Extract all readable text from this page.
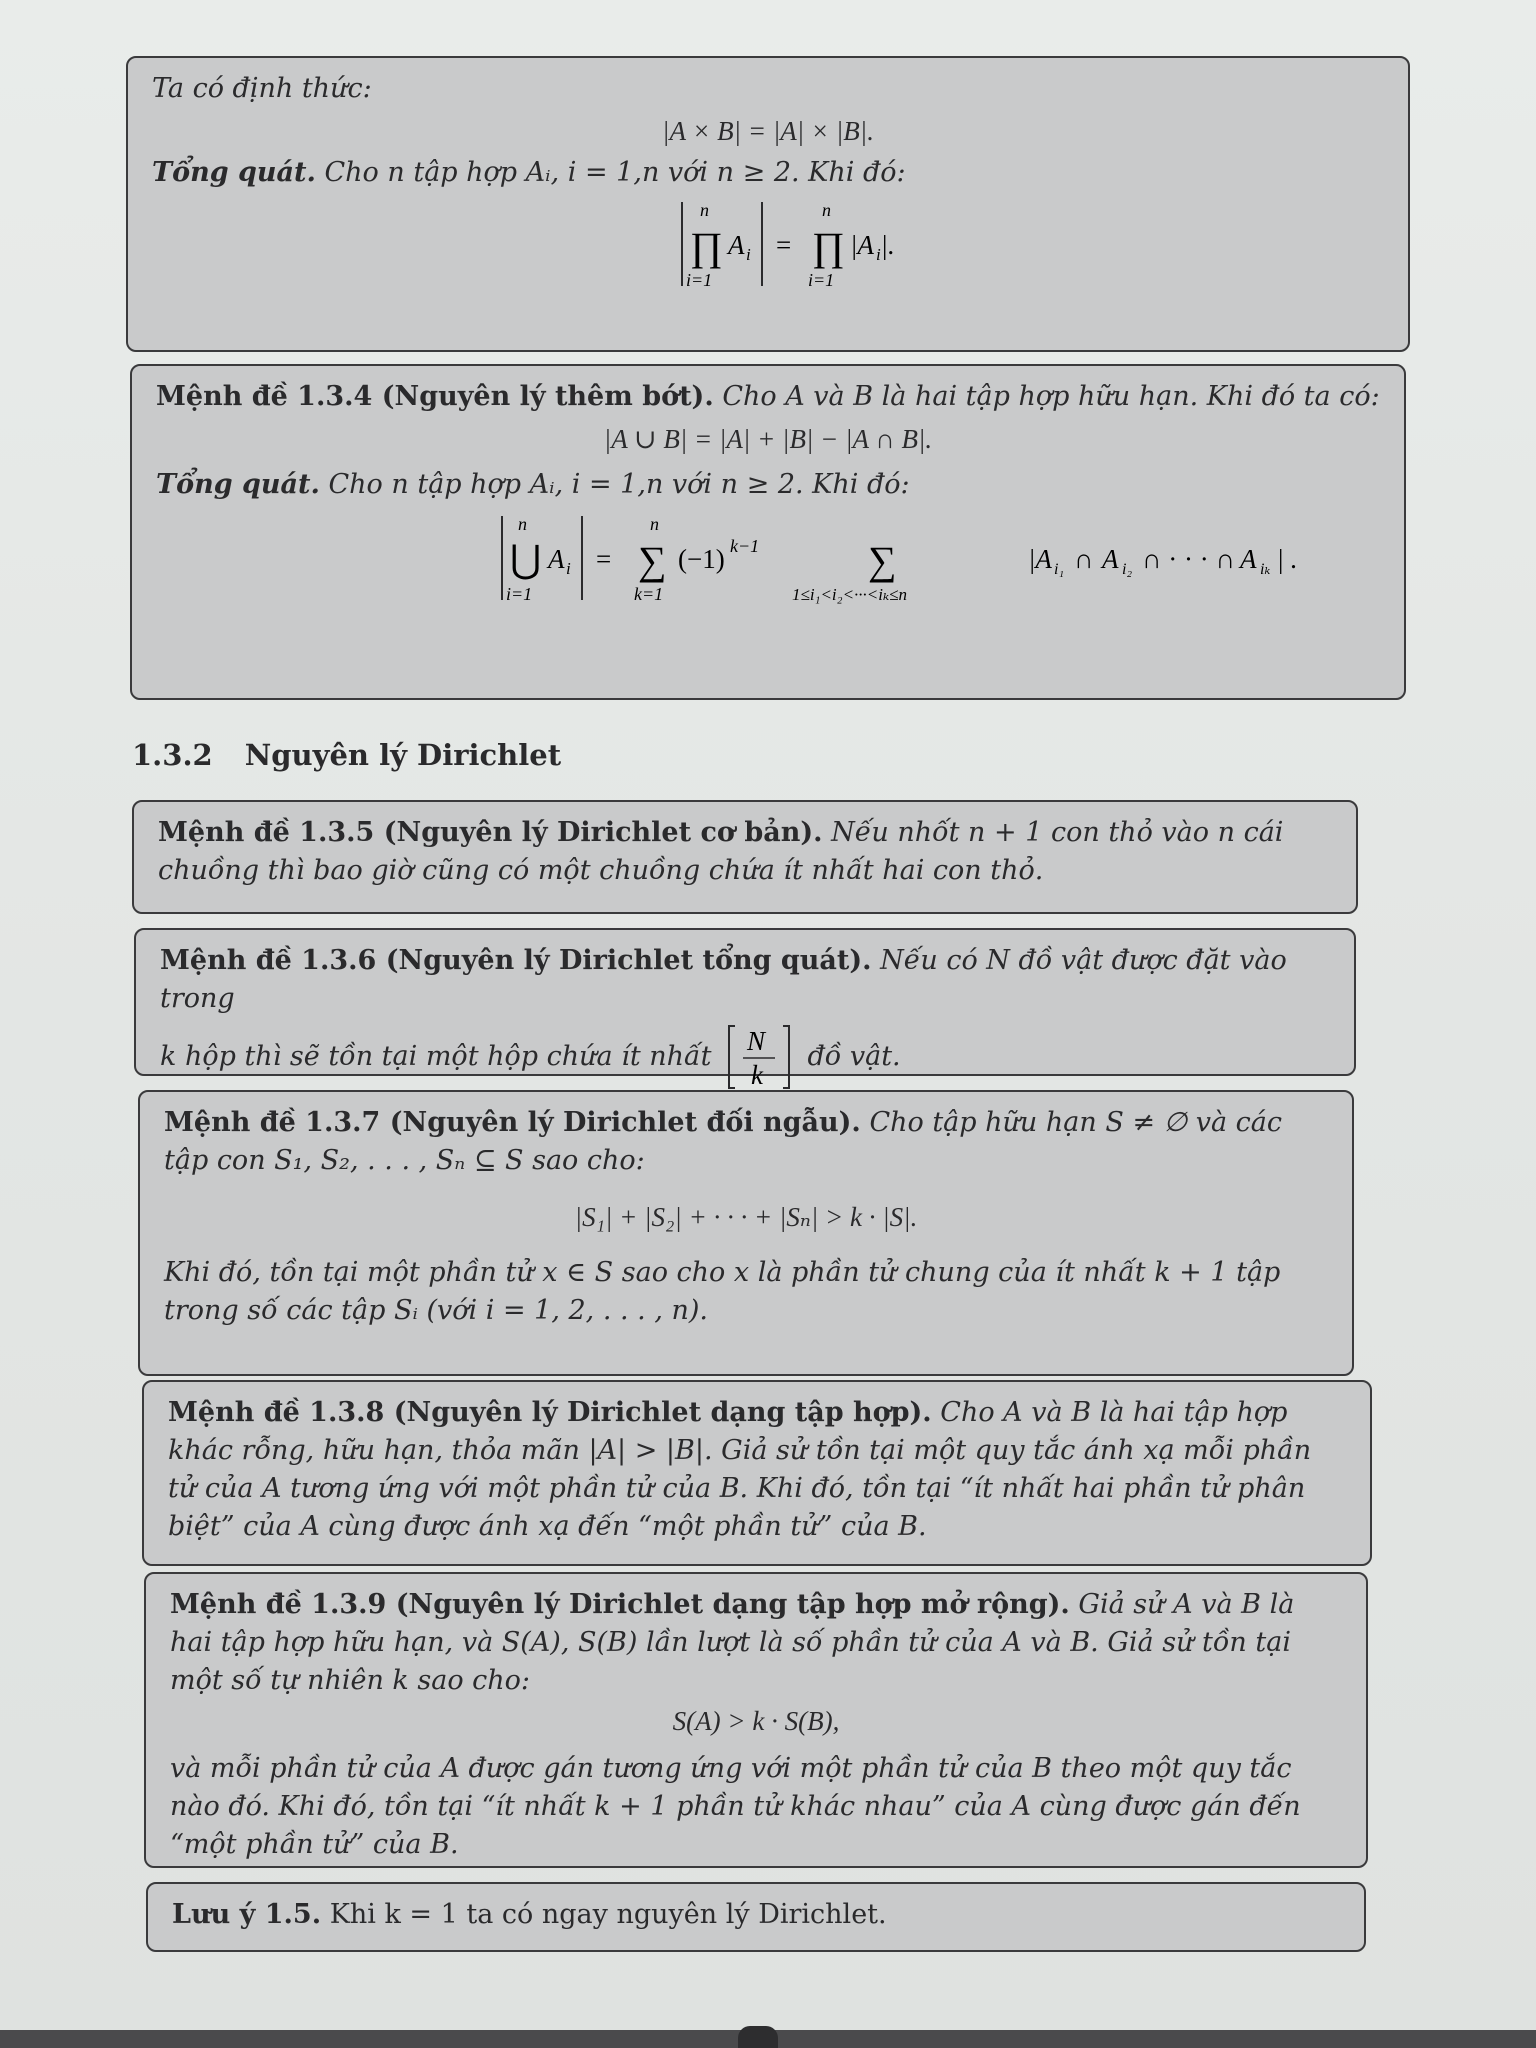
Ta có định thức:

|A × B| = |A| × |B|.

Tổng quát. Cho n tập hợp Aᵢ, i = 1,n với n ≥ 2. Khi đó:

n
∏
i=1
A i =
n
∏
i=1
|A i |.

Mệnh đề 1.3.4 (Nguyên lý thêm bớt). Cho A và B là hai tập hợp hữu hạn. Khi đó ta có:

|A ∪ B| = |A| + |B| − |A ∩ B|.

Tổng quát. Cho n tập hợp Aᵢ, i = 1,n với n ≥ 2. Khi đó:

n
⋃
i=1
A i =
n
∑
k=1
(−1) k−1	∑
1≤i₁<i₂<···<iₖ≤n
|A i₁ ∩ A i₂ ∩ · · · ∩ A iₖ | .
1.3.2 Nguyên lý Dirichlet

Mệnh đề 1.3.5 (Nguyên lý Dirichlet cơ bản). Nếu nhốt n + 1 con thỏ vào n cái chuồng thì bao giờ cũng có một chuồng chứa ít nhất hai con thỏ.

Mệnh đề 1.3.6 (Nguyên lý Dirichlet tổng quát). Nếu có N đồ vật được đặt vào trong

k hộp thì sẽ tồn tại một hộp chứa ít nhất N
k
đồ vật.

Mệnh đề 1.3.7 (Nguyên lý Dirichlet đối ngẫu). Cho tập hữu hạn S ≠ ∅ và các tập con S₁, S₂, . . . , Sₙ ⊆ S sao cho:

|S₁| + |S₂| + · · · + |Sₙ| > k · |S|.

Khi đó, tồn tại một phần tử x ∈ S sao cho x là phần tử chung của ít nhất k + 1 tập trong số các tập Sᵢ (với i = 1, 2, . . . , n).

Mệnh đề 1.3.8 (Nguyên lý Dirichlet dạng tập hợp). Cho A và B là hai tập hợp khác rỗng, hữu hạn, thỏa mãn |A| > |B|. Giả sử tồn tại một quy tắc ánh xạ mỗi phần tử của A tương ứng với một phần tử của B. Khi đó, tồn tại “ít nhất hai phần tử phân biệt” của A cùng được ánh xạ đến “một phần tử” của B.

Mệnh đề 1.3.9 (Nguyên lý Dirichlet dạng tập hợp mở rộng). Giả sử A và B là hai tập hợp hữu hạn, và S(A), S(B) lần lượt là số phần tử của A và B. Giả sử tồn tại một số tự nhiên k sao cho:

S(A) > k · S(B),

và mỗi phần tử của A được gán tương ứng với một phần tử của B theo một quy tắc nào đó. Khi đó, tồn tại “ít nhất k + 1 phần tử khác nhau” của A cùng được gán đến “một phần tử” của B.

Lưu ý 1.5. Khi k = 1 ta có ngay nguyên lý Dirichlet.
